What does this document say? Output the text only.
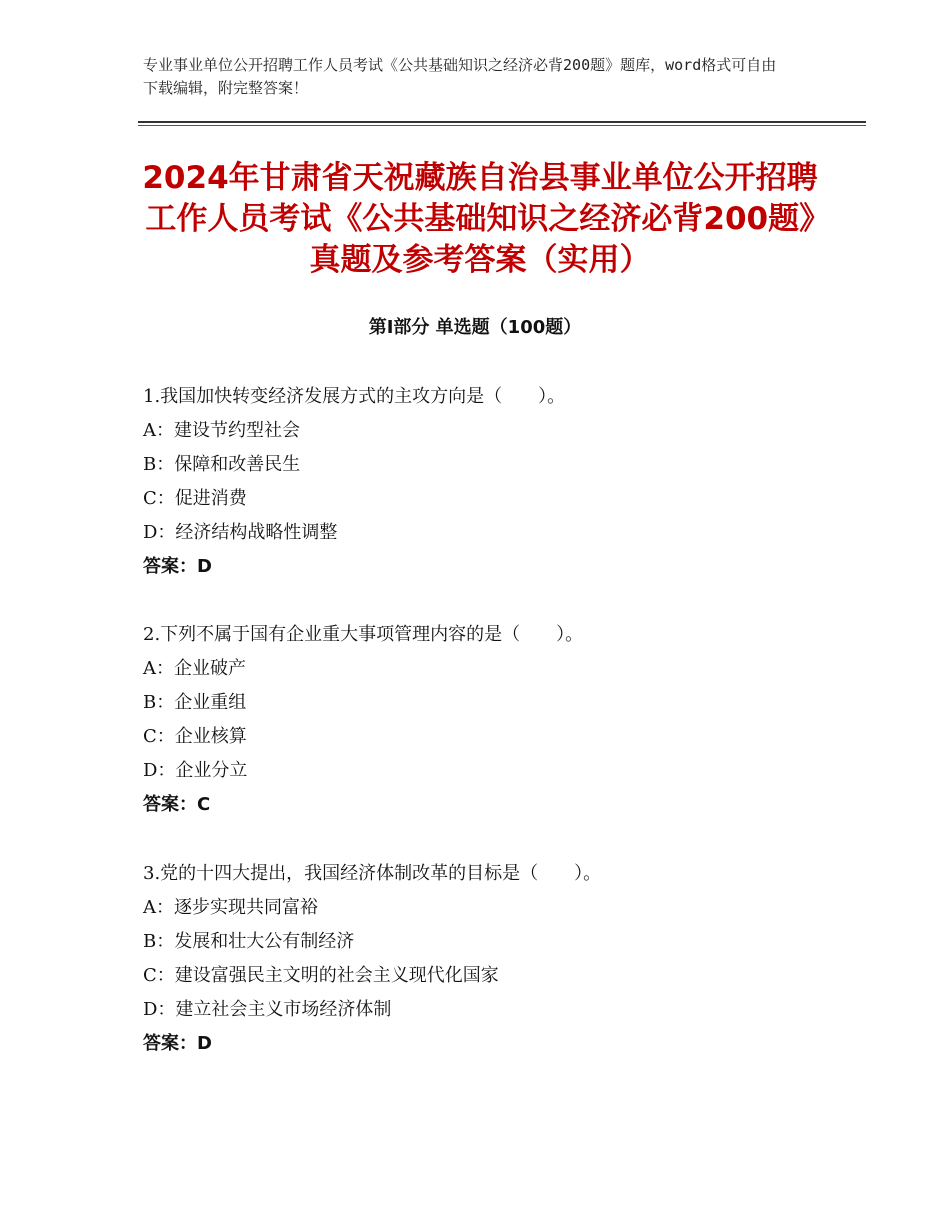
专业事业单位公开招聘工作人员考试《公共基础知识之经济必背200题》题库，word格式可自由下载编辑，附完整答案！
2024年甘肃省天祝藏族自治县事业单位公开招聘工作人员考试《公共基础知识之经济必背200题》真题及参考答案（实用）
第Ⅰ部分 单选题（100题）
1.我国加快转变经济发展方式的主攻方向是（　　）。
A：建设节约型社会
B：保障和改善民生
C：促进消费
D：经济结构战略性调整
答案：D
2.下列不属于国有企业重大事项管理内容的是（　　）。
A：企业破产
B：企业重组
C：企业核算
D：企业分立
答案：C
3.党的十四大提出，我国经济体制改革的目标是（　　）。
A：逐步实现共同富裕
B：发展和壮大公有制经济
C：建设富强民主文明的社会主义现代化国家
D：建立社会主义市场经济体制
答案：D
